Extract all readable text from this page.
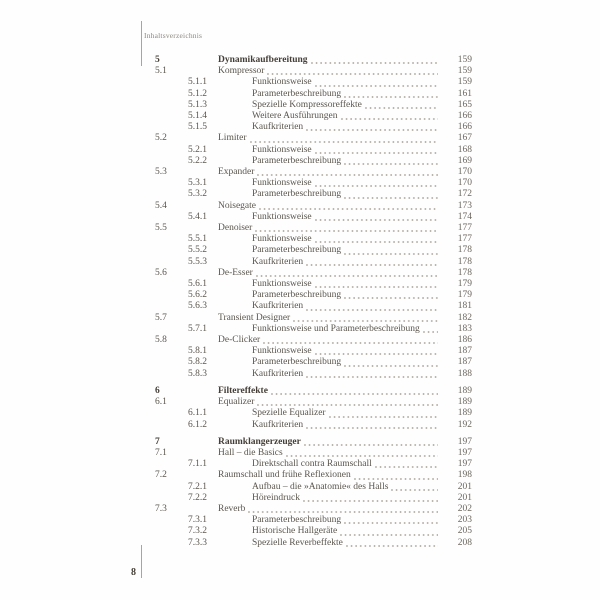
Inhaltsverzeichnis
5	Dynamikaufbereitung	159
5.1	Kompressor	159
5.1.1	Funktionsweise	159
5.1.2	Parameterbeschreibung	161
5.1.3	Spezielle Kompressoreffekte	165
5.1.4	Weitere Ausführungen	166
5.1.5	Kaufkriterien	166
5.2	Limiter	167
5.2.1	Funktionsweise	168
5.2.2	Parameterbeschreibung	169
5.3	Expander	170
5.3.1	Funktionsweise	170
5.3.2	Parameterbeschreibung	172
5.4	Noisegate	173
5.4.1	Funktionsweise	174
5.5	Denoiser	177
5.5.1	Funktionsweise	177
5.5.2	Parameterbeschreibung	178
5.5.3	Kaufkriterien	178
5.6	De-Esser	178
5.6.1	Funktionsweise	179
5.6.2	Parameterbeschreibung	179
5.6.3	Kaufkriterien	181
5.7	Transient Designer	182
5.7.1	Funktionsweise und Parameterbeschreibung	183
5.8	De-Clicker	186
5.8.1	Funktionsweise	187
5.8.2	Parameterbeschreibung	187
5.8.3	Kaufkriterien	188
6	Filtereffekte	189
6.1	Equalizer	189
6.1.1	Spezielle Equalizer	189
6.1.2	Kaufkriterien	192
7	Raumklangerzeuger	197
7.1	Hall – die Basics	197
7.1.1	Direktschall contra Raumschall	197
7.2	Raumschall und frühe Reflexionen	198
7.2.1	Aufbau – die »Anatomie« des Halls	201
7.2.2	Höreindruck	201
7.3	Reverb	202
7.3.1	Parameterbeschreibung	203
7.3.2	Historische Hallgeräte	205
7.3.3	Spezielle Reverbeffekte	208
8
